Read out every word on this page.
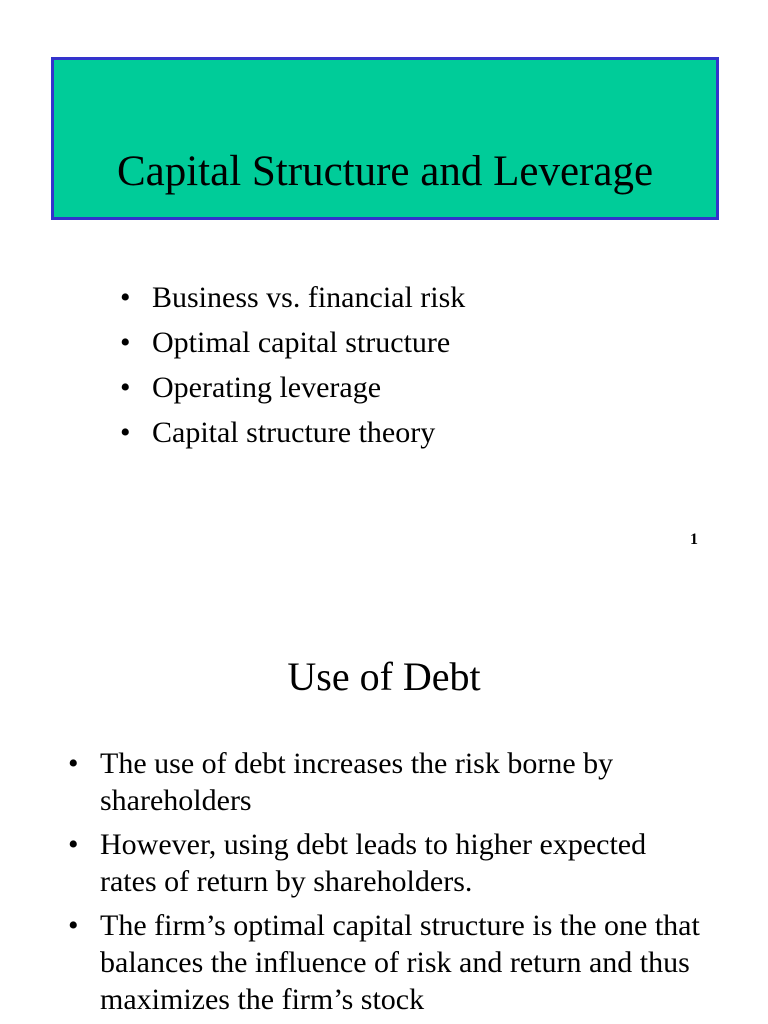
Capital Structure and Leverage
• Business vs. financial risk
• Optimal capital structure
• Operating leverage
• Capital structure theory
1
Use of Debt
• The use of debt increases the risk borne by shareholders
• However, using debt leads to higher expected rates of return by shareholders.
• The firm’s optimal capital structure is the one that balances the influence of risk and return and thus maximizes the firm’s stock
